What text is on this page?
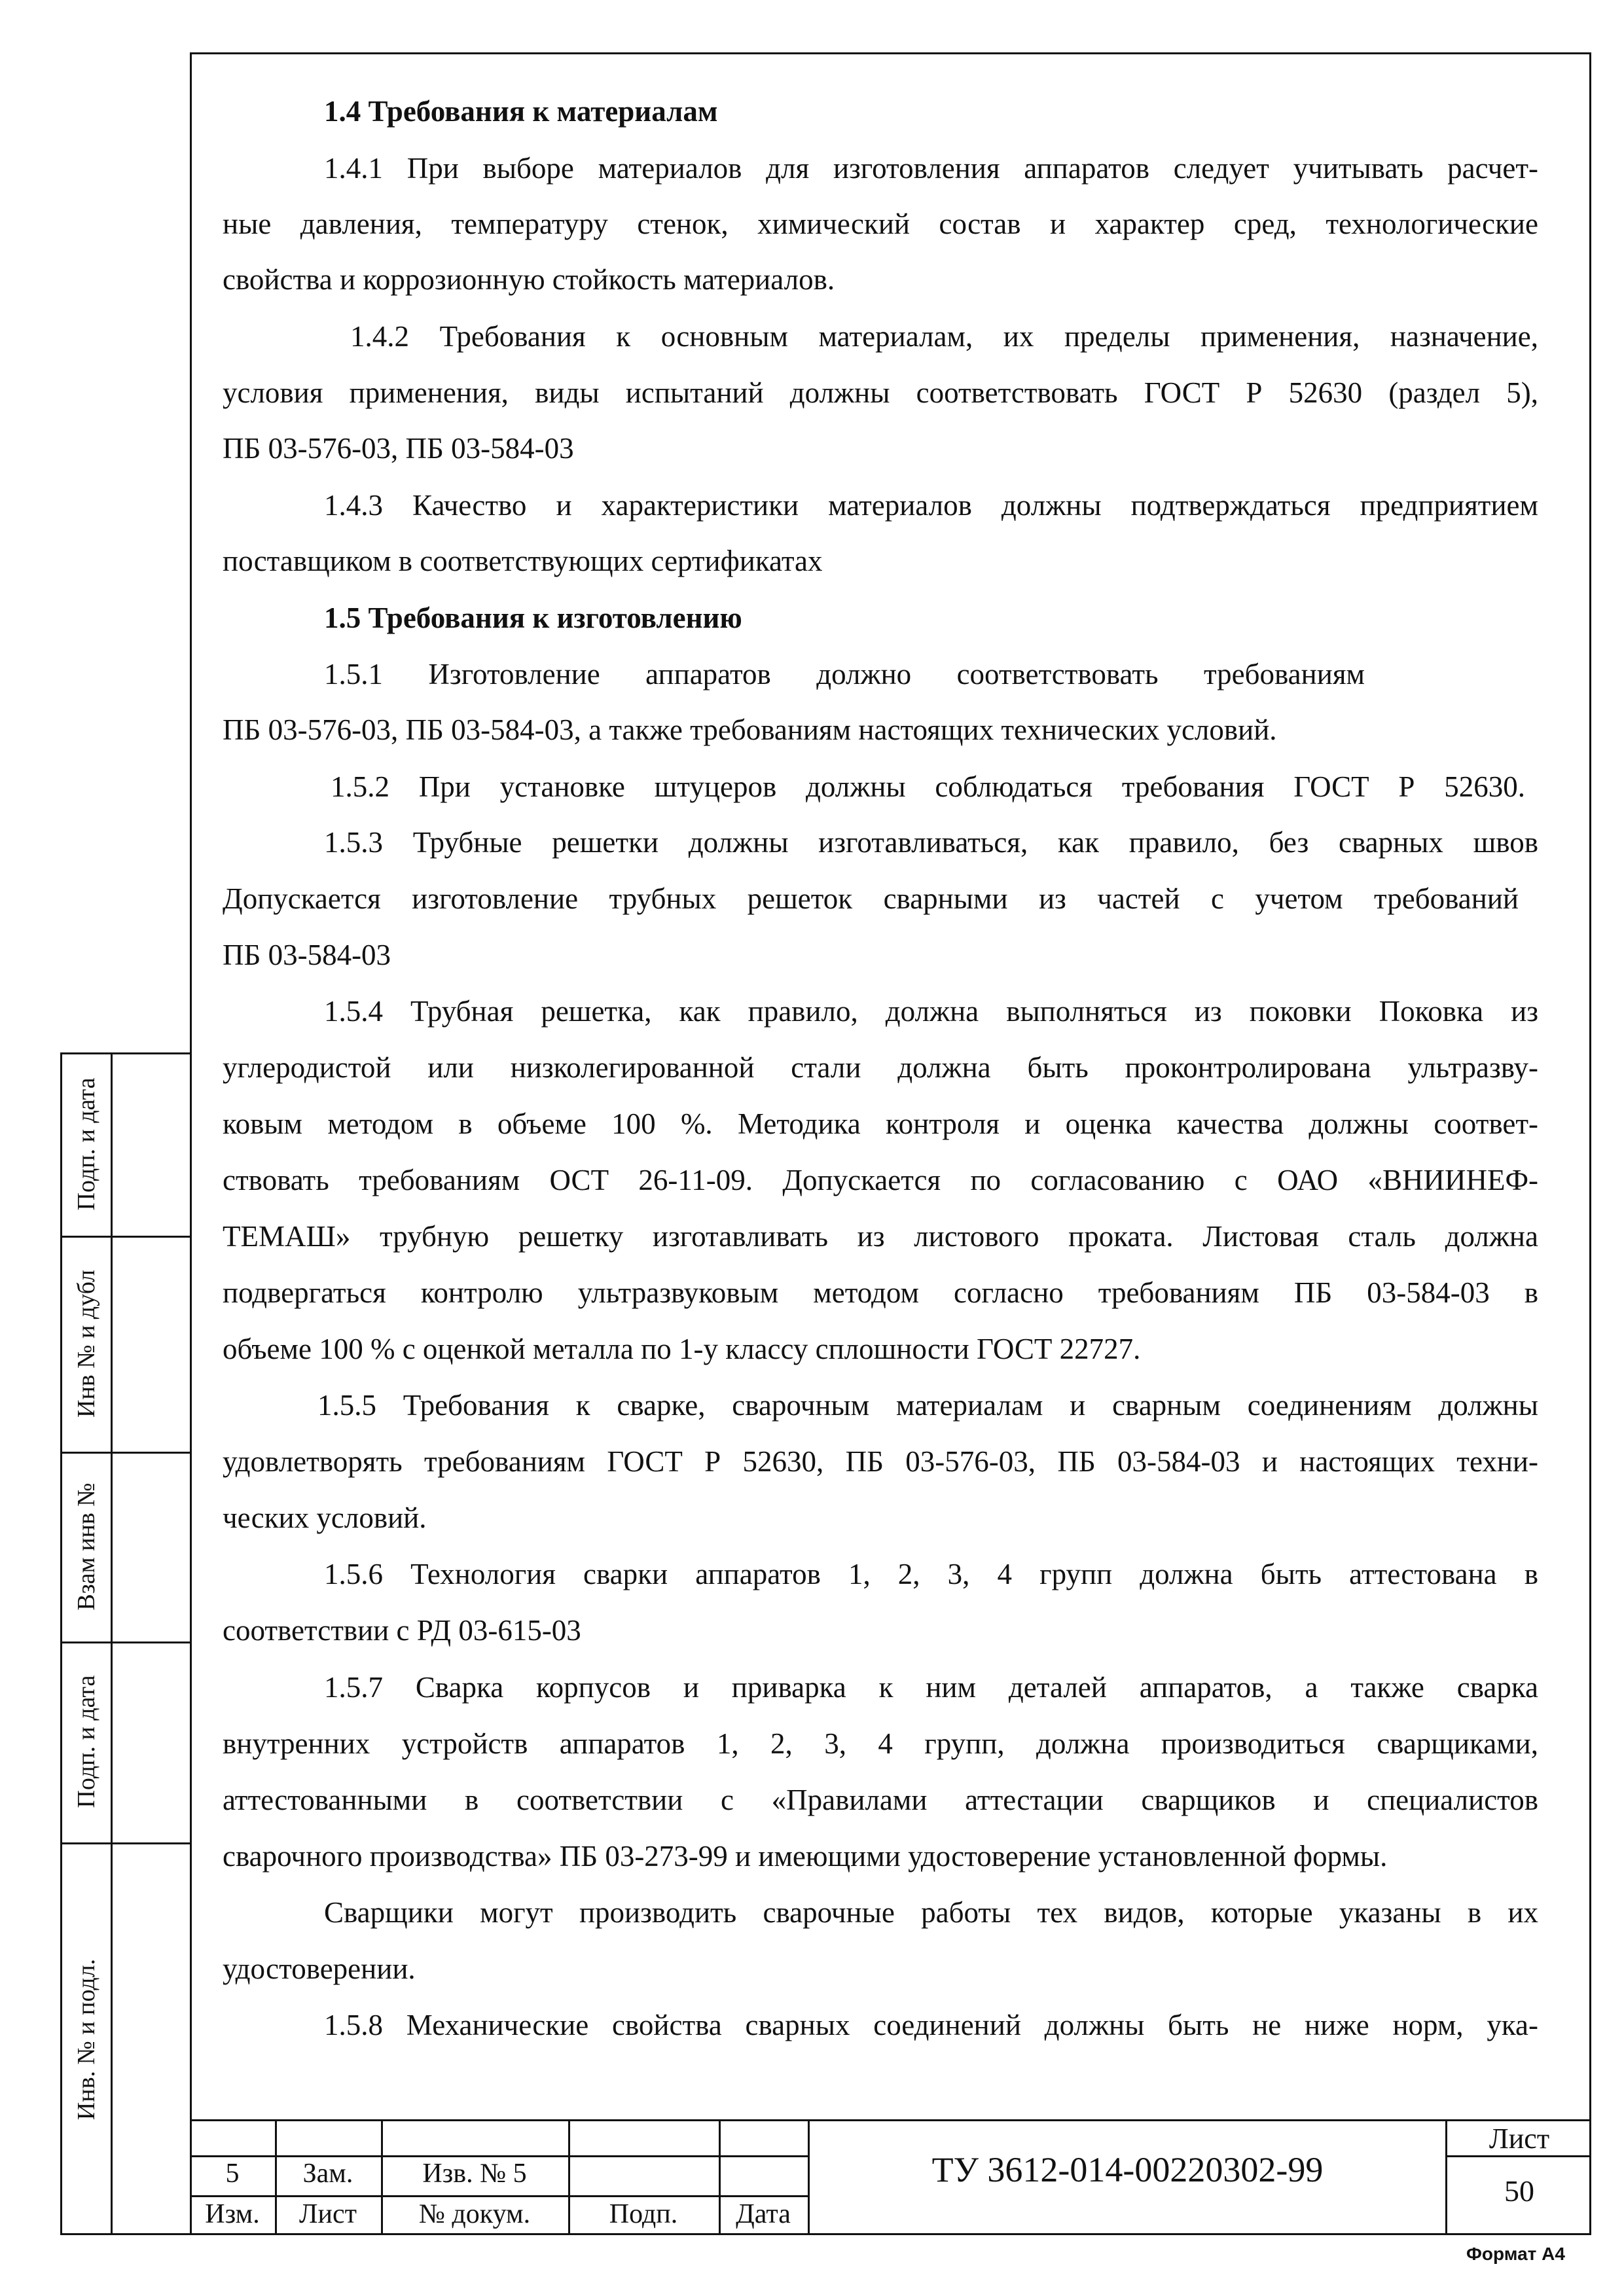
Подп. и дата
Инв № и дубл
Взам инв №
Подп. и дата
Инв. № и подл.
1.4 Требования к материалам
1.4.1 При выборе материалов для изготовления аппаратов следует учитывать расчет-
ные давления, температуру стенок, химический состав и характер сред, технологические
свойства и коррозионную стойкость материалов.
1.4.2 Требования к основным материалам, их пределы применения, назначение,
условия применения, виды испытаний должны соответствовать ГОСТ Р 52630 (раздел 5),
ПБ 03-576-03, ПБ 03-584-03
1.4.3 Качество и характеристики материалов должны подтверждаться предприятием
поставщиком в соответствующих сертификатах
1.5 Требования к изготовлению
1.5.1 Изготовление аппаратов должно соответствовать требованиям
ПБ 03-576-03, ПБ 03-584-03, а также требованиям настоящих технических условий.
1.5.2 При установке штуцеров должны соблюдаться требования ГОСТ Р 52630.
1.5.3 Трубные решетки должны изготавливаться, как правило, без сварных швов
Допускается изготовление трубных решеток сварными из частей с учетом требований
ПБ 03-584-03
1.5.4 Трубная решетка, как правило, должна выполняться из поковки Поковка из
углеродистой или низколегированной стали должна быть проконтролирована ультразву-
ковым методом в объеме 100 %. Методика контроля и оценка качества должны соответ-
ствовать требованиям ОСТ 26-11-09. Допускается по согласованию с ОАО «ВНИИНЕФ-
ТЕМАШ» трубную решетку изготавливать из листового проката. Листовая сталь должна
подвергаться контролю ультразвуковым методом согласно требованиям ПБ 03-584-03 в
объеме 100 % с оценкой металла по 1-у классу сплошности ГОСТ 22727.
1.5.5 Требования к сварке, сварочным материалам и сварным соединениям должны
удовлетворять требованиям ГОСТ Р 52630, ПБ 03-576-03, ПБ 03-584-03 и настоящих техни-
ческих условий.
1.5.6 Технология сварки аппаратов 1, 2, 3, 4 групп должна быть аттестована в
соответствии с РД 03-615-03
1.5.7 Сварка корпусов и приварка к ним деталей аппаратов, а также сварка
внутренних устройств аппаратов 1, 2, 3, 4 групп, должна производиться сварщиками,
аттестованными в соответствии с «Правилами аттестации сварщиков и специалистов
сварочного производства» ПБ 03-273-99 и имеющими удостоверение установленной формы.
Сварщики могут производить сварочные работы тех видов, которые указаны в их
удостоверении.
1.5.8 Механические свойства сварных соединений должны быть не ниже норм, ука-
5	Зам.	Изв. № 5
Изм.	Лист	№ докум.	Подп.	Дата
ТУ 3612-014-00220302-99
Лист
50
Формат А4
